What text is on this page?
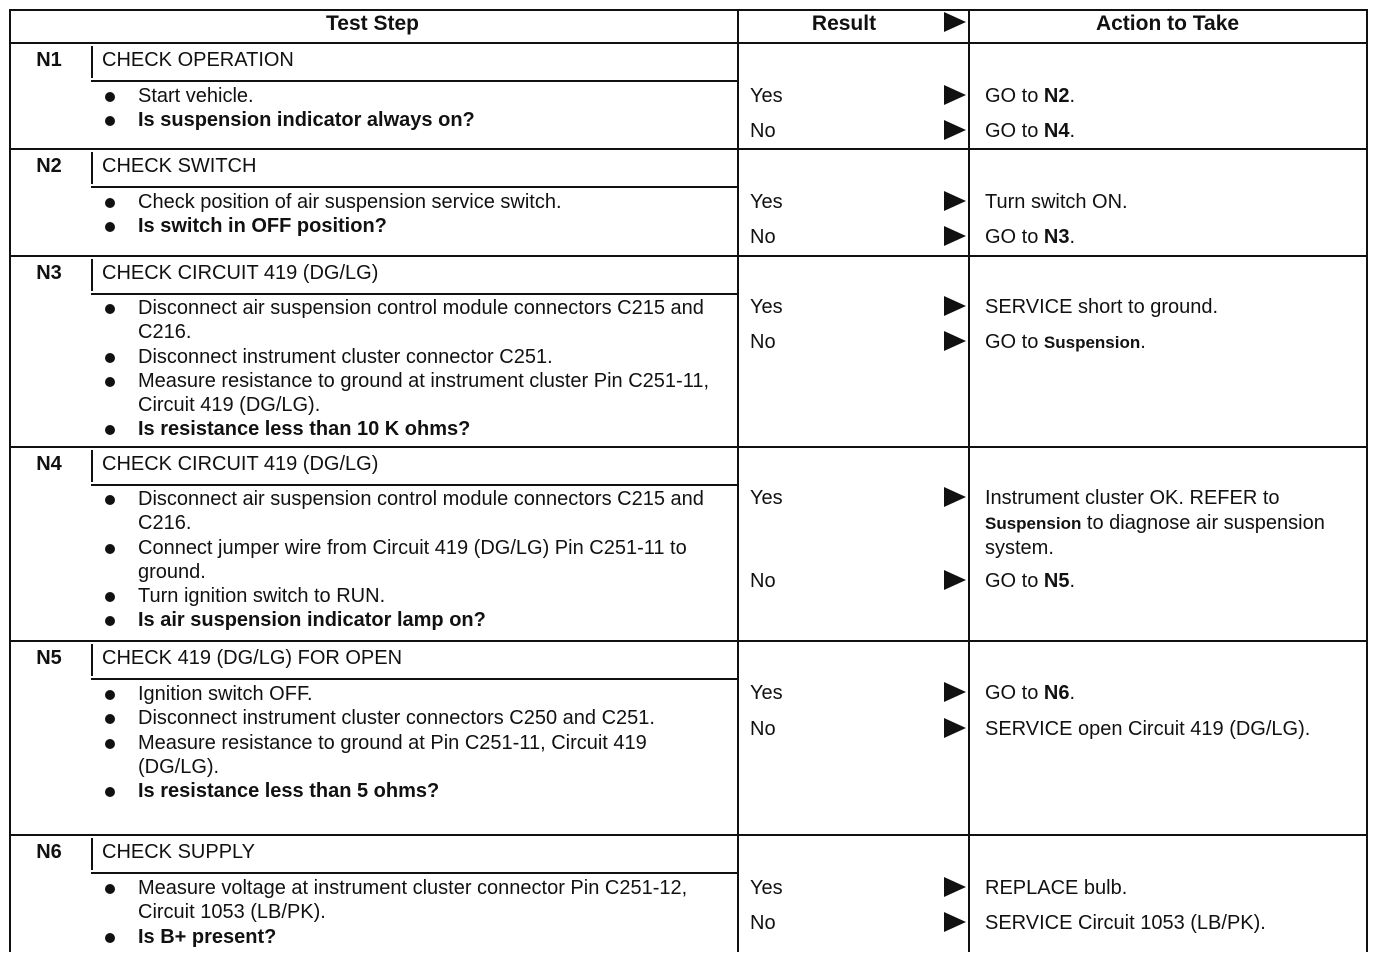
Test Step	Result	Action to Take
N1	CHECK OPERATION
Start vehicle.
Is suspension indicator always on?
Yes	GO to N2.
No	GO to N4.
N2	CHECK SWITCH
Check position of air suspension service switch.
Is switch in OFF position?
Yes	Turn switch ON.
No	GO to N3.
N3	CHECK CIRCUIT 419 (DG/LG)
Disconnect air suspension control module connectors C215 and C216.
Disconnect instrument cluster connector C251.
Measure resistance to ground at instrument cluster Pin C251-11, Circuit 419 (DG/LG).
Is resistance less than 10 K ohms?
Yes	SERVICE short to ground.
No	GO to Suspension.
N4	CHECK CIRCUIT 419 (DG/LG)
Disconnect air suspension control module connectors C215 and C216.
Connect jumper wire from Circuit 419 (DG/LG) Pin C251-11 to ground.
Turn ignition switch to RUN.
Is air suspension indicator lamp on?
Yes	Instrument cluster OK. REFER to Suspension to diagnose air suspension system.
No	GO to N5.
N5	CHECK 419 (DG/LG) FOR OPEN
Ignition switch OFF.
Disconnect instrument cluster connectors C250 and C251.
Measure resistance to ground at Pin C251-11, Circuit 419 (DG/LG).
Is resistance less than 5 ohms?
Yes	GO to N6.
No	SERVICE open Circuit 419 (DG/LG).
N6	CHECK SUPPLY
Measure voltage at instrument cluster connector Pin C251-12, Circuit 1053 (LB/PK).
Is B+ present?
Yes	REPLACE bulb.
No	SERVICE Circuit 1053 (LB/PK).
